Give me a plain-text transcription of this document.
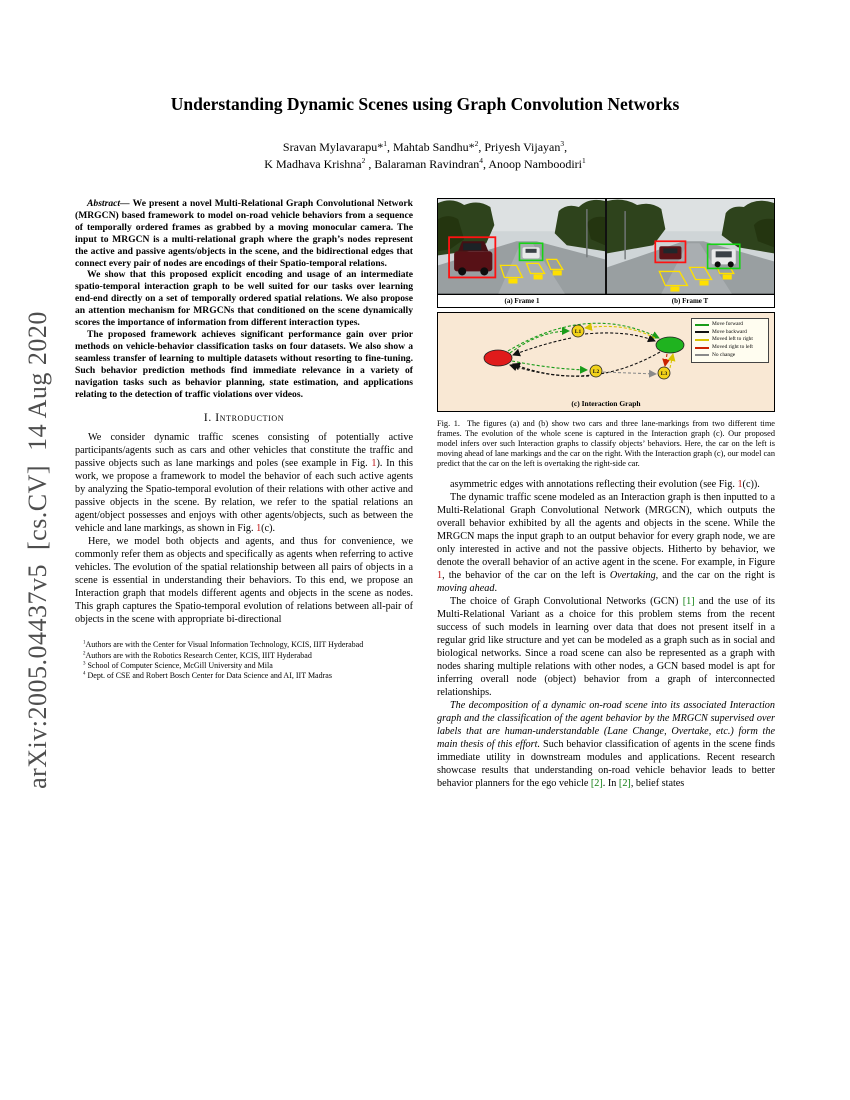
arXiv:2005.04437v5  [cs.CV]  14 Aug 2020
Understanding Dynamic Scenes using Graph Convolution Networks
Sravan Mylavarapu*$^1$, Mahtab Sandhu*$^2$, Priyesh Vijayan$^3$,
K Madhava Krishna$^2$ , Balaraman Ravindran$^4$, Anoop Namboodiri$^1$

Abstract— We present a novel Multi-Relational Graph Convolutional Network (MRGCN) based framework to model on-road vehicle behaviors from a sequence of temporally ordered frames as grabbed by a moving monocular camera. The input to MRGCN is a multi-relational graph where the graph’s nodes represent the active and passive agents/objects in the scene, and the bidirectional edges that connect every pair of nodes are encodings of their Spatio-temporal relations.

We show that this proposed explicit encoding and usage of an intermediate spatio-temporal interaction graph to be well suited for our tasks over learning end-end directly on a set of temporally ordered spatial relations. We also propose an attention mechanism for MRGCNs that conditioned on the scene dynamically scores the importance of information from different interaction types.

The proposed framework achieves significant performance gain over prior methods on vehicle-behavior classification tasks on four datasets. We also show a seamless transfer of learning to multiple datasets without resorting to fine-tuning. Such behavior prediction methods find immediate relevance in a variety of navigation tasks such as behavior planning, state estimation, and applications relating to the detection of traffic violations over videos.

I. Introduction

We consider dynamic traffic scenes consisting of potentially active participants/agents such as cars and other vehicles that constitute the traffic and passive objects such as lane markings and poles (see example in Fig. 1). In this work, we propose a framework to model the behavior of each such active agents by analyzing the Spatio-temporal evolution of their relations with other active and passive objects in the scene. By relation, we refer to the spatial relations an agent/object possesses and enjoys with other agents/objects, such as between the vehicle and lane markings, as shown in Fig. 1(c).

Here, we model both objects and agents, and thus for convenience, we commonly refer them as objects and specifically as agents when referring to active vehicles. The evolution of the spatial relationship between all pairs of objects in a scene is essential in understanding their behaviors. To this end, we propose an Interaction graph that models different agents and objects in the scene as nodes. This graph captures the Spatio-temporal evolution of relations between all-pair of objects in the scene with appropriate bi-directional

$^1$Authors are with the Center for Visual Information Technology, KCIS, IIIT Hyderabad

$^2$Authors are with the Robotics Research Center, KCIS, IIIT Hyderabad

$^3$ School of Computer Science, McGill University and Mila

$^4$ Dept. of CSE and Robert Bosch Center for Data Science and AI, IIT Madras

(a) Frame 1	(b) Frame T
L1
L2	L3
Move forward
Move backward
Moved left to right
Moved right to left
No change
(c) Interaction Graph
Fig. 1. The figures (a) and (b) show two cars and three lane-markings from two different time frames. The evolution of the whole scene is captured in the Interaction graph (c). Our proposed model infers over such Interaction graphs to classify objects’ behaviors. Here, the car on the left is moving ahead of lane markings and the car on the right. With the Interaction graph (c), our model can predict that the car on the left is overtaking the right-side car.

asymmetric edges with annotations reflecting their evolution (see Fig. 1(c)).

The dynamic traffic scene modeled as an Interaction graph is then inputted to a Multi-Relational Graph Convolutional Network (MRGCN), which outputs the overall behavior exhibited by all the agents and objects in the scene. While the MRGCN maps the input graph to an output behavior for every graph node, we are only interested in active and not the passive objects. Hitherto by behavior, we denote the overall behavior of an active agent in the scene. For example, in Figure 1, the behavior of the car on the left is Overtaking, and the car on the right is moving ahead.

The choice of Graph Convolutional Networks (GCN) [1] and the use of its Multi-Relational Variant as a choice for this problem stems from the recent success of such models in learning over data that does not present itself in a regular grid like structure and yet can be modeled as a graph such as in social and biological networks. Since a road scene can also be represented as a graph with nodes sharing multiple relations with other nodes, a GCN based model is apt for inferring overall node (object) behavior from a graph of interconnected relationships.

The decomposition of a dynamic on-road scene into its associated Interaction graph and the classification of the agent behavior by the MRGCN supervised over labels that are human-understandable (Lane Change, Overtake, etc.) form the main thesis of this effort. Such behavior classification of agents in the scene finds immediate utility in downstream modules and applications. Recent research showcase results that understanding on-road vehicle behavior leads to better behavior planners for the ego vehicle [2]. In [2], belief states
